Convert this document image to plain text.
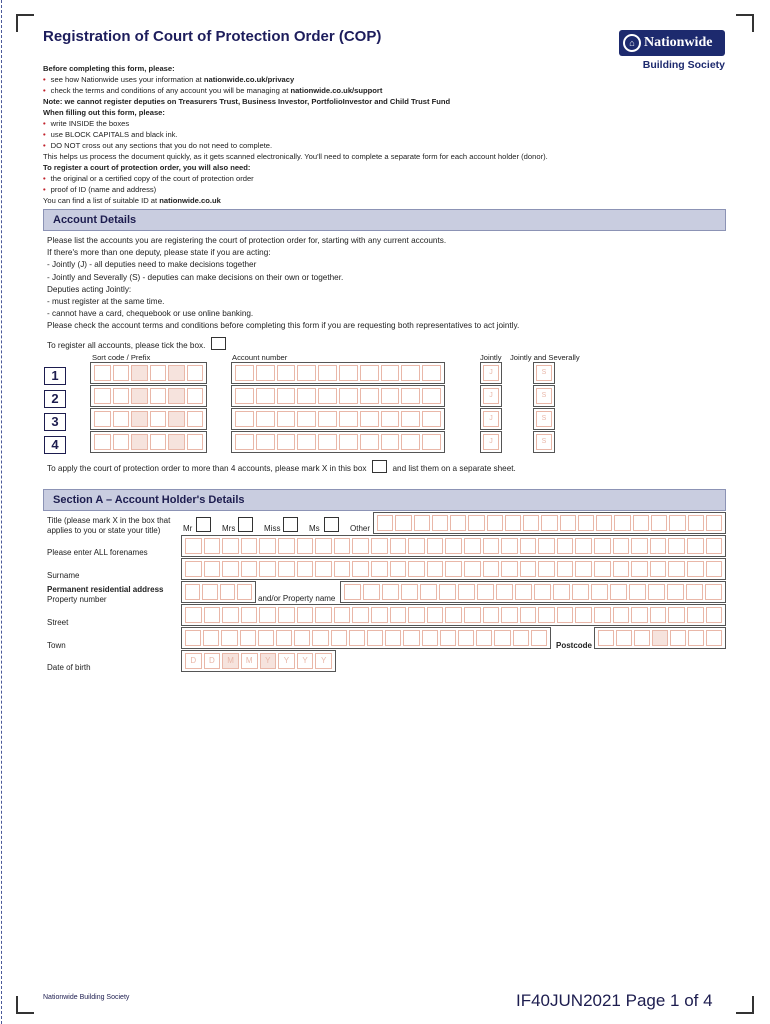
Registration of Court of Protection Order (COP)	⌂ Nationwide
Building Society
Before completing this form, please:
• see how Nationwide uses your information at nationwide.co.uk/privacy
• check the terms and conditions of any account you will be managing at nationwide.co.uk/support
Note: we cannot register deputies on Treasurers Trust, Business Investor, PortfolioInvestor and Child Trust Fund
When filling out this form, please:
• write INSIDE the boxes
• use BLOCK CAPITALS and black ink.
• DO NOT cross out any sections that you do not need to complete.
This helps us process the document quickly, as it gets scanned electronically. You'll need to complete a separate form for each account holder (donor).
To register a court of protection order, you will also need:
• the original or a certified copy of the court of protection order
• proof of ID (name and address)
You can find a list of suitable ID at nationwide.co.uk
Account Details
Please list the accounts you are registering the court of protection order for, starting with any current accounts.
If there's more than one deputy, please state if you are acting:
- Jointly (J) - all deputies need to make decisions together
- Jointly and Severally (S) - deputies can make decisions on their own or together.
Deputies acting Jointly:
- must register at the same time.
- cannot have a card, chequebook or use online banking.
Please check the account terms and conditions before completing this form if you are requesting both representatives to act jointly.
To register all accounts, please tick the box.
Sort code / Prefix	Account number	Jointly Jointly and Severally
1	J	S
2	J	S
3	J	S
4	J	S
To apply the court of protection order to more than 4 accounts, please mark X in this box	and list them on a separate sheet.
Section A – Account Holder's Details
Title (please mark X in the box that
applies to you or state your title)	Mr	Mrs	Miss	Ms	Other
Please enter ALL forenames
Surname
Permanent residential address
Property number	and/or Property name
Street
Town	Postcode
Date of birth
D	D	M	M	Y	Y	Y	Y
Nationwide Building Society	IF40JUN2021 Page 1 of 4
